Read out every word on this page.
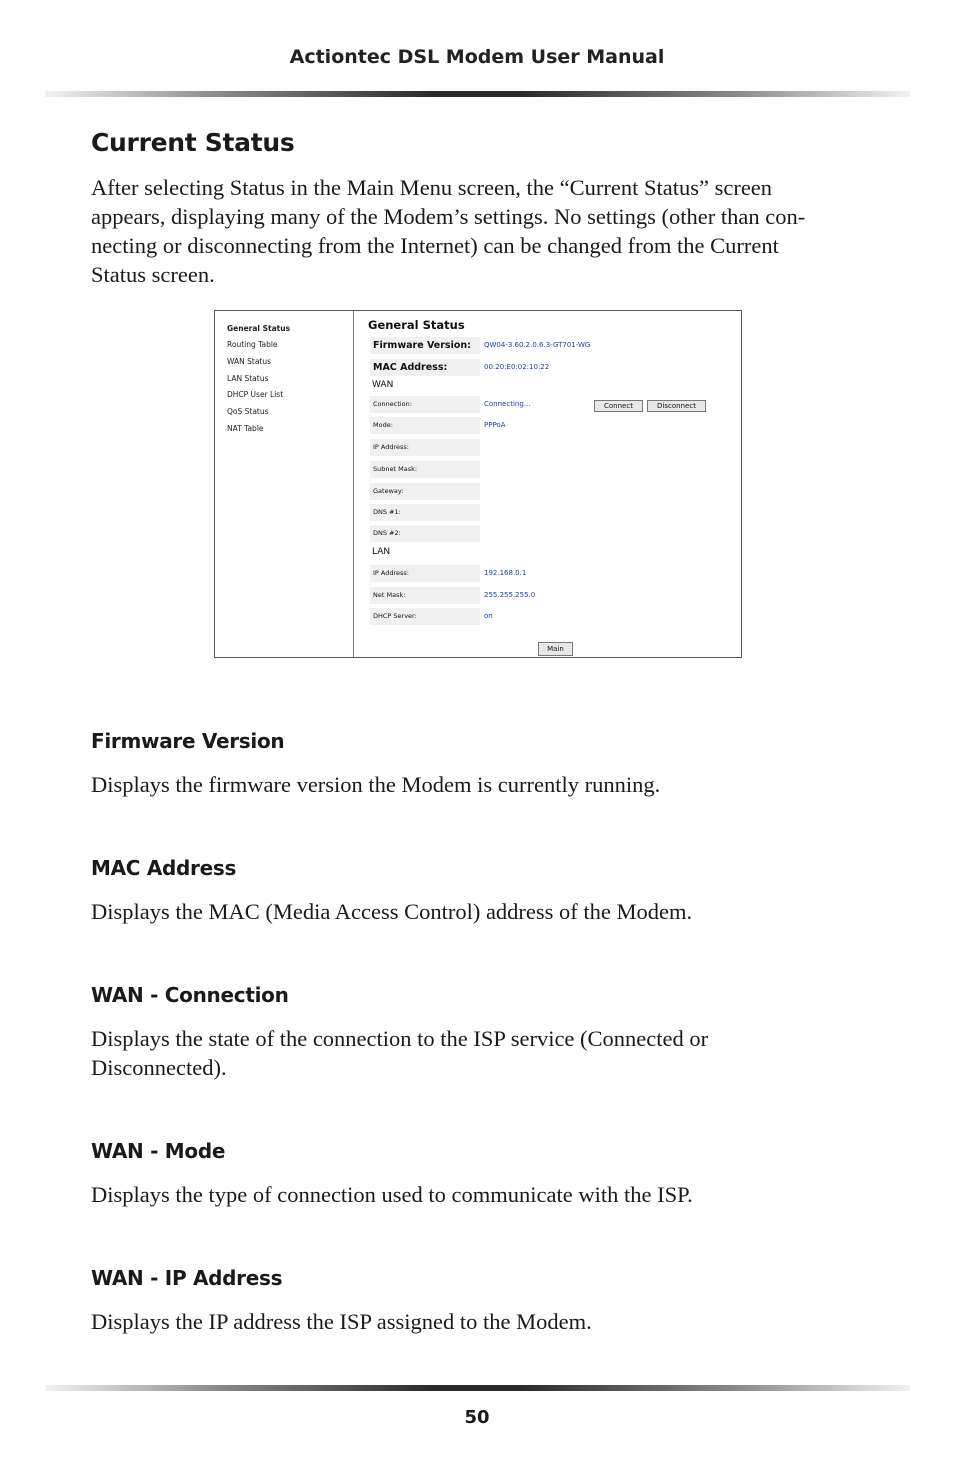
Actiontec DSL Modem User Manual
Current Status
After selecting Status in the Main Menu screen, the “Current Status” screen
appears, displaying many of the Modem’s settings. No settings (other than con-
necting or disconnecting from the Internet) can be changed from the Current
Status screen.
General Status
Routing Table
WAN Status
LAN Status
DHCP User List
QoS Status
NAT Table
General Status
Firmware Version:	QW04-3.60.2.0.6.3-GT701-WG
MAC Address:	00:20:E0:02:10:22
WAN
Connection:	Connecting...	Connect	Disconnect
Mode:	PPPoA
IP Address:
Subnet Mask:
Gateway:
DNS #1:
DNS #2:
LAN
IP Address:	192.168.0.1
Net Mask:	255.255.255.0
DHCP Server:	on
Main
Firmware Version
Displays the firmware version the Modem is currently running.
MAC Address
Displays the MAC (Media Access Control) address of the Modem.
WAN - Connection
Displays the state of the connection to the ISP service (Connected or
Disconnected).
WAN - Mode
Displays the type of connection used to communicate with the ISP.
WAN - IP Address
Displays the IP address the ISP assigned to the Modem.
50
